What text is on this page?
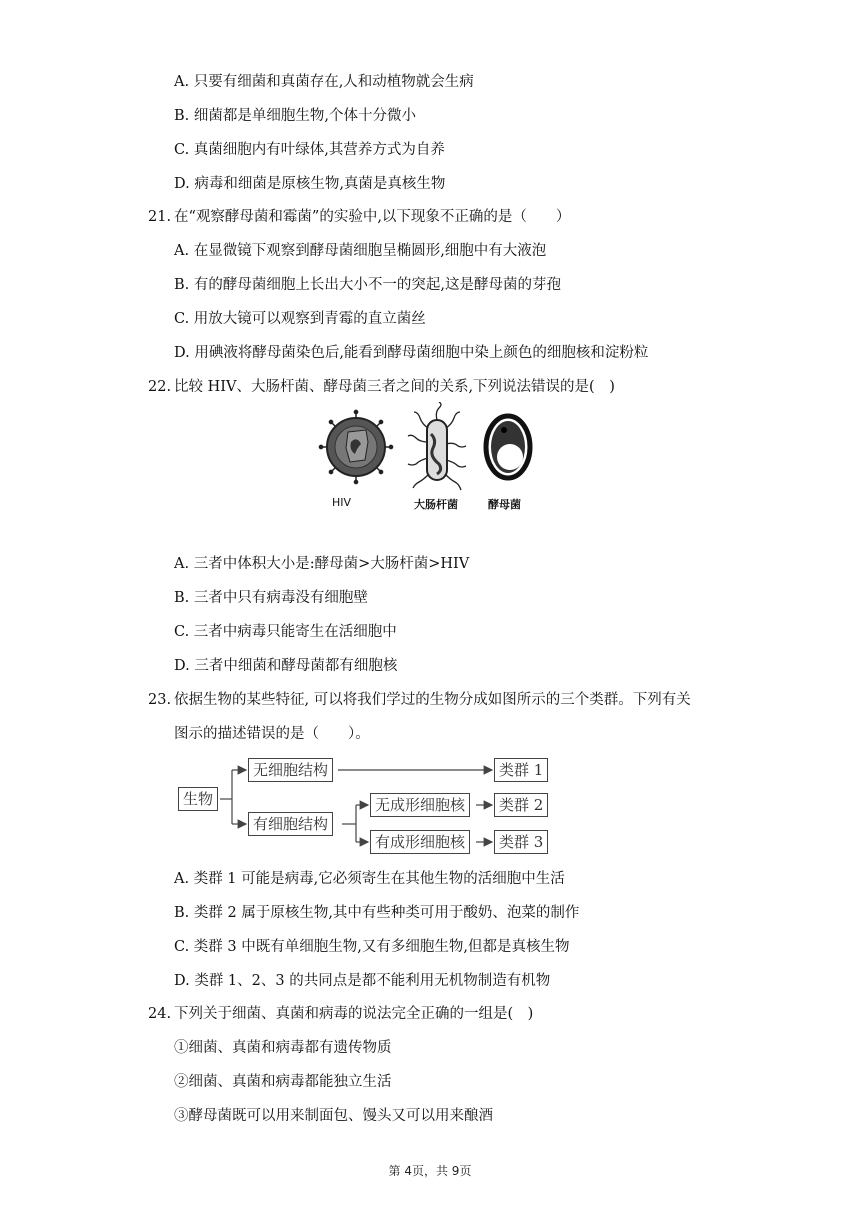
A. 只要有细菌和真菌存在,人和动植物就会生病
B. 细菌都是单细胞生物,个体十分微小
C. 真菌细胞内有叶绿体,其营养方式为自养
D. 病毒和细菌是原核生物,真菌是真核生物
21. 在“观察酵母菌和霉菌”的实验中,以下现象不正确的是（　　）
A. 在显微镜下观察到酵母菌细胞呈椭圆形,细胞中有大液泡
B. 有的酵母菌细胞上长出大小不一的突起,这是酵母菌的芽孢
C. 用放大镜可以观察到青霉的直立菌丝
D. 用碘液将酵母菌染色后,能看到酵母菌细胞中染上颜色的细胞核和淀粉粒
22. 比较 HIV、大肠杆菌、酵母菌三者之间的关系,下列说法错误的是(　)
HIV	大肠杆菌	酵母菌
A. 三者中体积大小是:酵母菌>大肠杆菌>HIV
B. 三者中只有病毒没有细胞壁
C. 三者中病毒只能寄生在活细胞中
D. 三者中细菌和酵母菌都有细胞核
23. 依据生物的某些特征, 可以将我们学过的生物分成如图所示的三个类群。下列有关
图示的描述错误的是（　　）。
生物
无细胞结构
有细胞结构
无成形细胞核
有成形细胞核
类群 1
类群 2
类群 3
A. 类群 1 可能是病毒,它必须寄生在其他生物的活细胞中生活
B. 类群 2 属于原核生物,其中有些种类可用于酸奶、泡菜的制作
C. 类群 3 中既有单细胞生物,又有多细胞生物,但都是真核生物
D. 类群 1、2、3 的共同点是都不能利用无机物制造有机物
24. 下列关于细菌、真菌和病毒的说法完全正确的一组是(　)
①细菌、真菌和病毒都有遗传物质
②细菌、真菌和病毒都能独立生活
③酵母菌既可以用来制面包、馒头又可以用来酿酒
第 4页，共 9页
